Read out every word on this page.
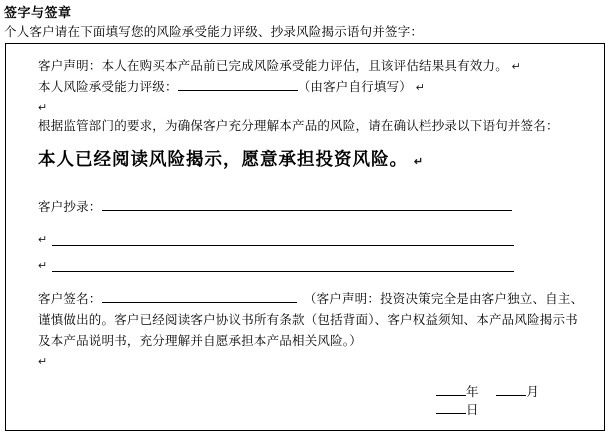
签字与签章
个人客户请在下面填写您的风险承受能力评级、抄录风险揭示语句并签字：
客户声明：本人在购买本产品前已完成风险承受能力评估，且该评估结果具有效力。 ↵
本人风险承受能力评级：	（由客户自行填写） ↵
↵
根据监管部门的要求，为确保客户充分理解本产品的风险，请在确认栏抄录以下语句并签名：
本人已经阅读风险揭示，愿意承担投资风险。 ↵
客户抄录：
↵
↵
客户签名：	（客户声明：投资决策完全是由客户独立、自主、谨慎做出的。客户已经阅读客户协议书所有条款（包括背面）、客户权益须知、本产品风险揭示书及本产品说明书，充分理解并自愿承担本产品相关风险。）
↵
年	月 日
